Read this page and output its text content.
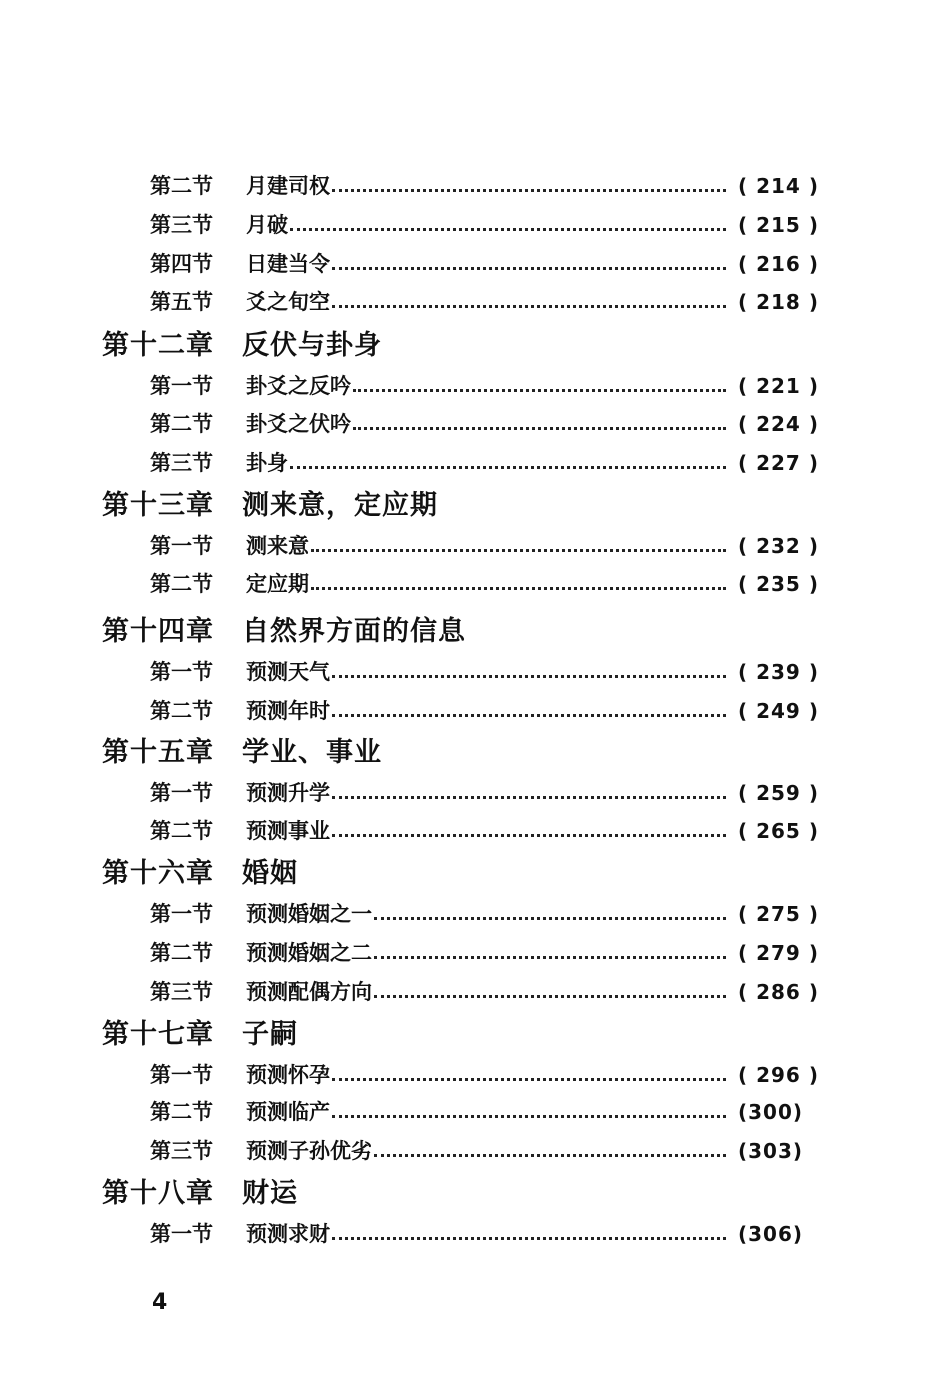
第二节 月建司权	( 214 )
第三节 月破	( 215 )
第四节 日建当令	( 216 )
第五节 爻之旬空	( 218 )
第十二章 反伏与卦身
第一节 卦爻之反吟	( 221 )
第二节 卦爻之伏吟	( 224 )
第三节 卦身	( 227 )
第十三章 测来意，定应期
第一节 测来意	( 232 )
第二节 定应期	( 235 )
第十四章 自然界方面的信息
第一节 预测天气	( 239 )
第二节 预测年时	( 249 )
第十五章 学业、事业
第一节 预测升学	( 259 )
第二节 预测事业	( 265 )
第十六章 婚姻
第一节 预测婚姻之一	( 275 )
第二节 预测婚姻之二	( 279 )
第三节 预测配偶方向	( 286 )
第十七章 子嗣
第一节 预测怀孕	( 296 )
第二节 预测临产	(300)
第三节 预测子孙优劣	(303)
第十八章 财运
第一节 预测求财	(306)
4
